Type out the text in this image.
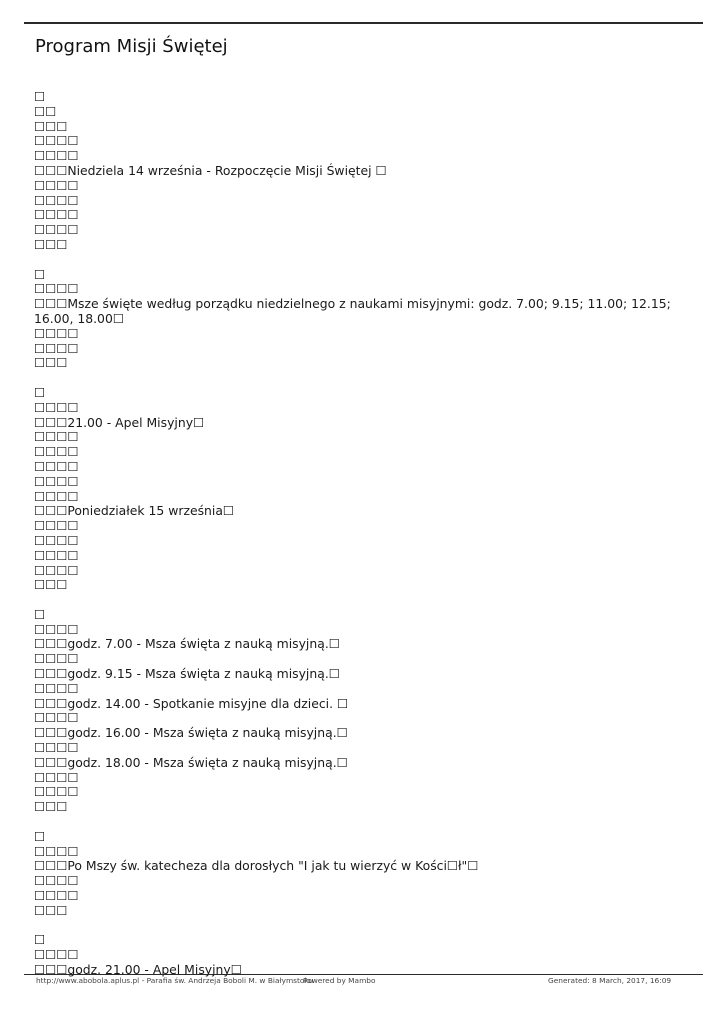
Program Misji Świętej
☐
☐☐
☐☐☐
☐☐☐☐
☐☐☐☐
☐☐☐Niedziela 14 września - Rozpoczęcie Misji Świętej ☐
☐☐☐☐
☐☐☐☐
☐☐☐☐
☐☐☐☐
☐☐☐
☐
☐☐☐☐
☐☐☐Msze święte według porządku niedzielnego z naukami misyjnymi: godz. 7.00; 9.15; 11.00; 12.15; 16.00, 18.00☐
☐☐☐☐
☐☐☐☐
☐☐☐
☐
☐☐☐☐
☐☐☐21.00 - Apel Misyjny☐
☐☐☐☐
☐☐☐☐
☐☐☐☐
☐☐☐☐
☐☐☐☐
☐☐☐Poniedziałek 15 września☐
☐☐☐☐
☐☐☐☐
☐☐☐☐
☐☐☐☐
☐☐☐
☐
☐☐☐☐
☐☐☐godz. 7.00 - Msza święta z nauką misyjną.☐
☐☐☐☐
☐☐☐godz. 9.15 - Msza święta z nauką misyjną.☐
☐☐☐☐
☐☐☐godz. 14.00 - Spotkanie misyjne dla dzieci. ☐
☐☐☐☐
☐☐☐godz. 16.00 - Msza święta z nauką misyjną.☐
☐☐☐☐
☐☐☐godz. 18.00 - Msza święta z nauką misyjną.☐
☐☐☐☐
☐☐☐☐
☐☐☐
☐
☐☐☐☐
☐☐☐Po Mszy św. katecheza dla dorosłych "I jak tu wierzyć w Kości☐ł"☐
☐☐☐☐
☐☐☐☐
☐☐☐
☐
☐☐☐☐
☐☐☐godz. 21.00 - Apel Misyjny☐
http://www.abobola.aplus.pl - Parafia św. Andrzeja Boboli M. w Białymstoku
Powered by Mambo	Generated: 8 March, 2017, 16:09
